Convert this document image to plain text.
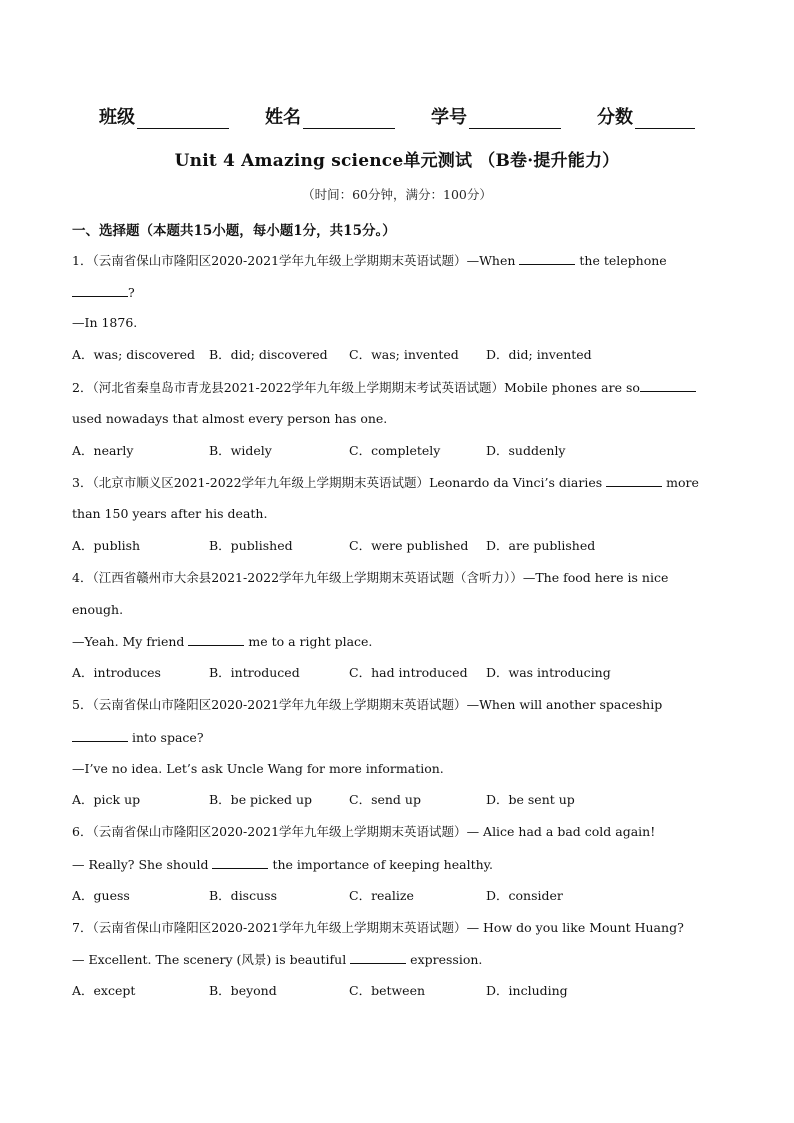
班级	姓名	学号	分数
Unit 4 Amazing science单元测试 （B卷·提升能力）
（时间：60分钟，满分：100分）
一、选择题（本题共15小题，每小题1分，共15分。）
1．（云南省保山市隆阳区2020-2021学年九年级上学期期末英语试题）—When	the telephone
?
—In 1876.
A．was; discovered B．did; discovered C．was; invented D．did; invented
2．（河北省秦皇岛市青龙县2021-2022学年九年级上学期期末考试英语试题）Mobile phones are so
used nowadays that almost every person has one.
A．nearly	B．widely	C．completely	D．suddenly
3．（北京市顺义区2021-2022学年九年级上学期期末英语试题）Leonardo da Vinci’s diaries	more
than 150 years after his death.
A．publish	B．published	C．were published D．are published
4．（江西省赣州市大余县2021-2022学年九年级上学期期末英语试题（含听力））—The food here is nice
enough.
—Yeah. My friend	me to a right place.
A．introduces	B．introduced	C．had introduced D．was introducing
5．（云南省保山市隆阳区2020-2021学年九年级上学期期末英语试题）—When will another spaceship
into space?
—I’ve no idea. Let’s ask Uncle Wang for more information.
A．pick up	B．be picked up	C．send up	D．be sent up
6．（云南省保山市隆阳区2020-2021学年九年级上学期期末英语试题）— Alice had a bad cold again!
— Really? She should	the importance of keeping healthy.
A．guess	B．discuss	C．realize	D．consider
7．（云南省保山市隆阳区2020-2021学年九年级上学期期末英语试题）— How do you like Mount Huang?
— Excellent. The scenery (风景) is beautiful	expression.
A．except	B．beyond	C．between	D．including
